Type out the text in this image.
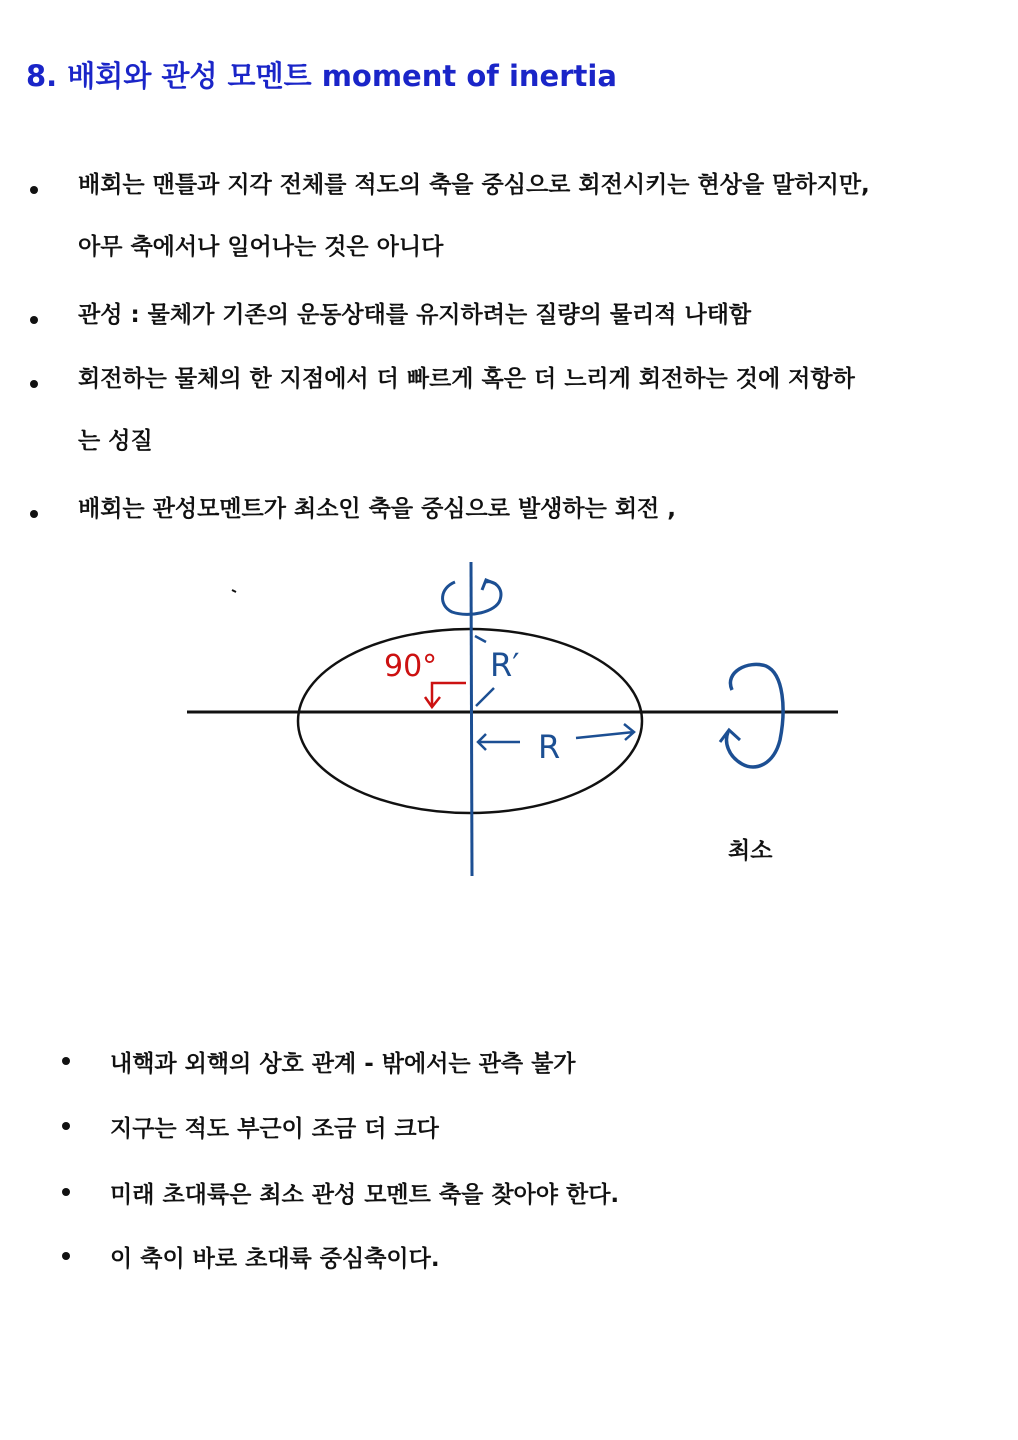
8. 배회와 관성 모멘트 moment of inertia
배회는 맨틀과 지각 전체를 적도의 축을 중심으로 회전시키는 현상을 말하지만,
아무 축에서나 일어나는 것은 아니다
관성 : 물체가 기존의 운동상태를 유지하려는 질량의 물리적 나태함
회전하는 물체의 한 지점에서 더 빠르게 혹은 더 느리게 회전하는 것에 저항하
는 성질
배회는 관성모멘트가 최소인 축을 중심으로 발생하는 회전 ,
R′
90°
R
최소
내핵과 외핵의 상호 관계 - 밖에서는 관측 불가
지구는 적도 부근이 조금 더 크다
미래 초대륙은 최소 관성 모멘트 축을 찾아야 한다.
이 축이 바로 초대륙 중심축이다.
